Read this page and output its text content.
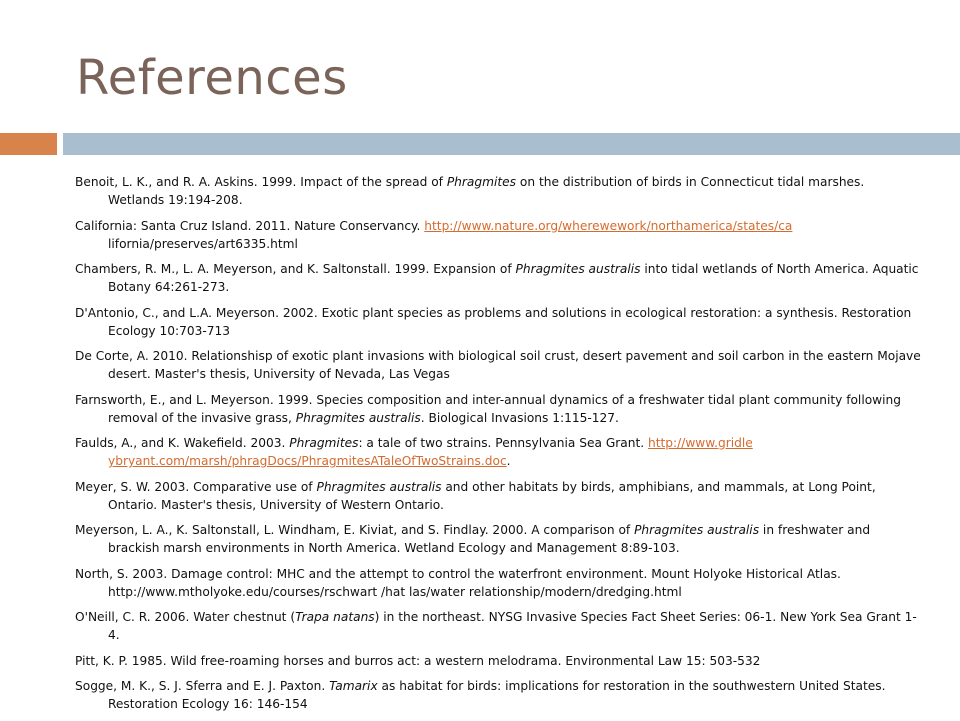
References

Benoit, L. K., and R. A. Askins. 1999. Impact of the spread of Phragmites on the distribution of birds in Connecticut tidal marshes. Wetlands 19:194-208.

California: Santa Cruz Island. 2011. Nature Conservancy. http://www.nature.org/wherewework/northamerica/states/ca lifornia/preserves/art6335.html

Chambers, R. M., L. A. Meyerson, and K. Saltonstall. 1999. Expansion of Phragmites australis into tidal wetlands of North America. Aquatic Botany 64:261-273.

D'Antonio, C., and L.A. Meyerson. 2002. Exotic plant species as problems and solutions in ecological restoration: a synthesis. Restoration Ecology 10:703-713

De Corte, A. 2010. Relationshisp of exotic plant invasions with biological soil crust, desert pavement and soil carbon in the eastern Mojave desert. Master's thesis, University of Nevada, Las Vegas

Farnsworth, E., and L. Meyerson. 1999. Species composition and inter-annual dynamics of a freshwater tidal plant community following removal of the invasive grass, Phragmites australis. Biological Invasions 1:115-127.

Faulds, A., and K. Wakefield. 2003. Phragmites: a tale of two strains. Pennsylvania Sea Grant. http://www.gridle ybryant.com/marsh/phragDocs/PhragmitesATaleOfTwoStrains.doc.

Meyer, S. W. 2003. Comparative use of Phragmites australis and other habitats by birds, amphibians, and mammals, at Long Point, Ontario. Master's thesis, University of Western Ontario.

Meyerson, L. A., K. Saltonstall, L. Windham, E. Kiviat, and S. Findlay. 2000. A comparison of Phragmites australis in freshwater and brackish marsh environments in North America. Wetland Ecology and Management 8:89-103.

North, S. 2003. Damage control: MHC and the attempt to control the waterfront environment. Mount Holyoke Historical Atlas. http://www.mtholyoke.edu/courses/rschwart /hat las/water relationship/modern/dredging.html

O'Neill, C. R. 2006. Water chestnut (Trapa natans) in the northeast. NYSG Invasive Species Fact Sheet Series: 06-1. New York Sea Grant 1-4.

Pitt, K. P. 1985. Wild free-roaming horses and burros act: a western melodrama. Environmental Law 15: 503-532

Sogge, M. K., S. J. Sferra and E. J. Paxton. Tamarix as habitat for birds: implications for restoration in the southwestern United States. Restoration Ecology 16: 146-154
